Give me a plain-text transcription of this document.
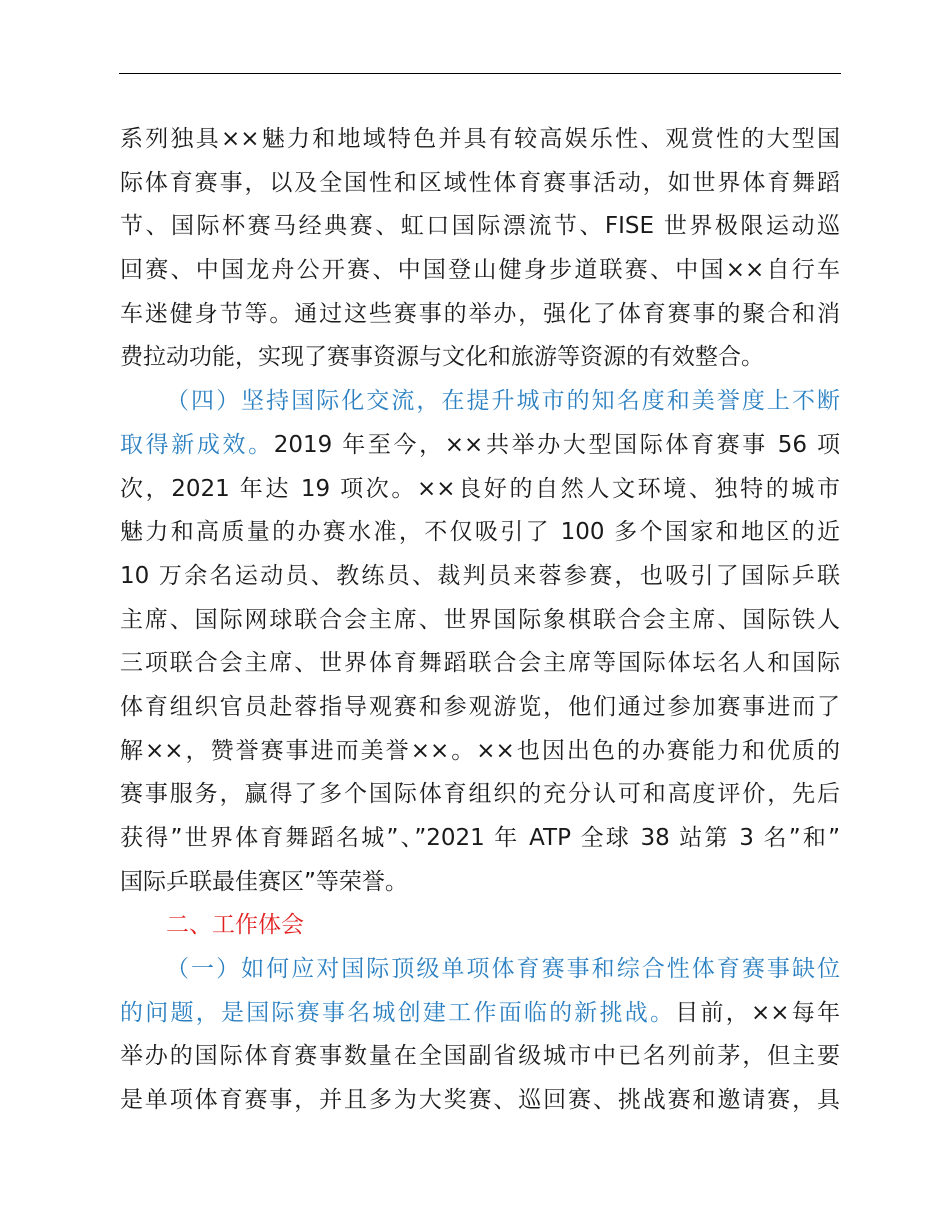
系列独具××魅力和地域特色并具有较高娱乐性、观赏性的大型国
际体育赛事，以及全国性和区域性体育赛事活动，如世界体育舞蹈
节、国际杯赛马经典赛、虹口国际漂流节、FISE 世界极限运动巡
回赛、中国龙舟公开赛、中国登山健身步道联赛、中国××自行车
车迷健身节等。通过这些赛事的举办，强化了体育赛事的聚合和消
费拉动功能，实现了赛事资源与文化和旅游等资源的有效整合。
（四）坚持国际化交流，在提升城市的知名度和美誉度上不断
取得新成效。2019 年至今，××共举办大型国际体育赛事 56 项
次，2021 年达 19 项次。××良好的自然人文环境、独特的城市
魅力和高质量的办赛水准，不仅吸引了 100 多个国家和地区的近
10 万余名运动员、教练员、裁判员来蓉参赛，也吸引了国际乒联
主席、国际网球联合会主席、世界国际象棋联合会主席、国际铁人
三项联合会主席、世界体育舞蹈联合会主席等国际体坛名人和国际
体育组织官员赴蓉指导观赛和参观游览，他们通过参加赛事进而了
解××，赞誉赛事进而美誉××。××也因出色的办赛能力和优质的
赛事服务，赢得了多个国际体育组织的充分认可和高度评价，先后
获得”世界体育舞蹈名城”、”2021 年 ATP 全球 38 站第 3 名”和”
国际乒联最佳赛区”等荣誉。
二、工作体会
（一）如何应对国际顶级单项体育赛事和综合性体育赛事缺位
的问题，是国际赛事名城创建工作面临的新挑战。目前，××每年
举办的国际体育赛事数量在全国副省级城市中已名列前茅，但主要
是单项体育赛事，并且多为大奖赛、巡回赛、挑战赛和邀请赛，具
